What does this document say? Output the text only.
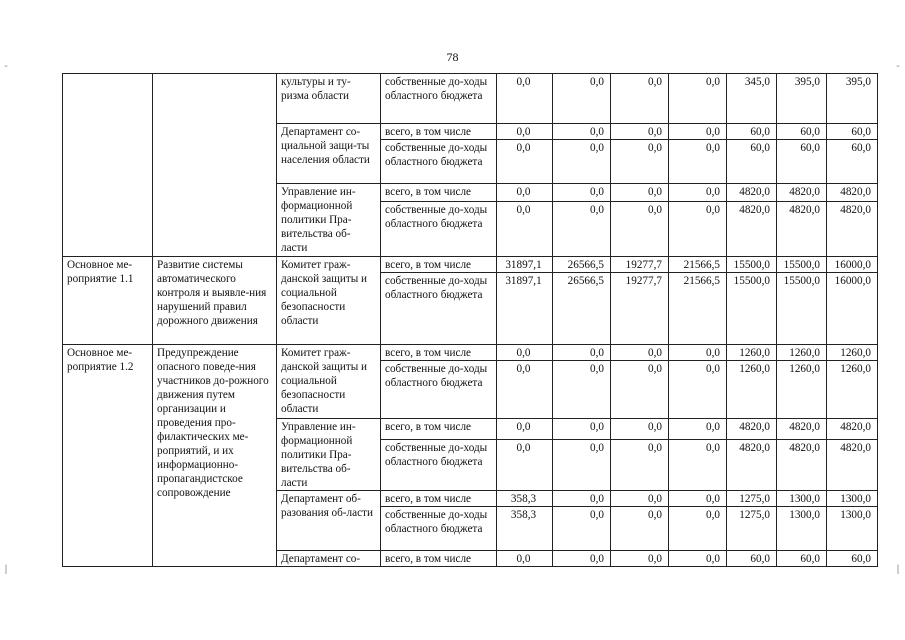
78
-	-
|	|
		культуры и ту-ризма области	собственные до-ходы областного бюджета	0,0	0,0	0,0	0,0	345,0	395,0	395,0
		Департамент со-циальной защи-ты населения области	всего, в том числе	0,0	0,0	0,0	0,0	60,0	60,0	60,0
			собственные до-ходы областного бюджета	0,0	0,0	0,0	0,0	60,0	60,0	60,0
		Управление ин-формационной политики Пра-вительства об-ласти	всего, в том числе	0,0	0,0	0,0	0,0	4820,0	4820,0	4820,0
			собственные до-ходы областного бюджета	0,0	0,0	0,0	0,0	4820,0	4820,0	4820,0
Основное ме-роприятие 1.1	Развитие системы автоматического контроля и выявле-ния нарушений правил дорожного движения	Комитет граж-данской защиты и социальной безопасности области	всего, в том числе	31897,1	26566,5	19277,7	21566,5	15500,0	15500,0	16000,0
			собственные до-ходы областного бюджета	31897,1	26566,5	19277,7	21566,5	15500,0	15500,0	16000,0
Основное ме-роприятие 1.2	Предупреждение опасного поведе-ния участников до-рожного движения путем организации и проведения про-филактических ме-роприятий, и их информационно-пропагандистское сопровождение	Комитет граж-данской защиты и социальной безопасности области	всего, в том числе	0,0	0,0	0,0	0,0	1260,0	1260,0	1260,0
			собственные до-ходы областного бюджета	0,0	0,0	0,0	0,0	1260,0	1260,0	1260,0
		Управление ин-формационной политики Пра-вительства об-ласти	всего, в том числе	0,0	0,0	0,0	0,0	4820,0	4820,0	4820,0
			собственные до-ходы областного бюджета	0,0	0,0	0,0	0,0	4820,0	4820,0	4820,0
		Департамент об-разования об-ласти	всего, в том числе	358,3	0,0	0,0	0,0	1275,0	1300,0	1300,0
			собственные до-ходы областного бюджета	358,3	0,0	0,0	0,0	1275,0	1300,0	1300,0
		Департамент со-	всего, в том числе	0,0	0,0	0,0	0,0	60,0	60,0	60,0
